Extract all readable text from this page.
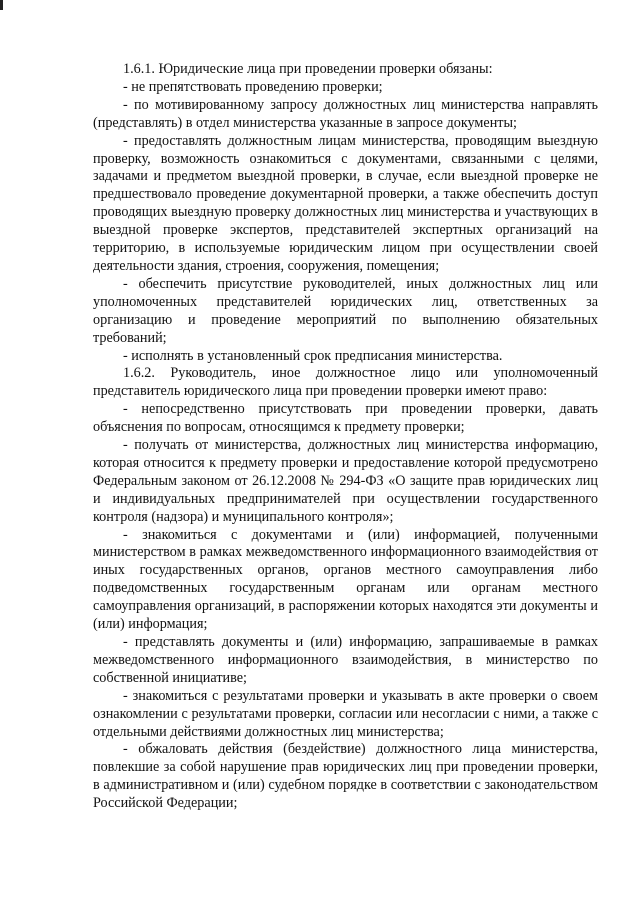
1.6.1. Юридические лица при проведении проверки обязаны:

- не препятствовать проведению проверки;

- по мотивированному запросу должностных лиц министерства направлять (представлять) в отдел министерства указанные в запросе документы;

- предоставлять должностным лицам министерства, проводящим выездную проверку, возможность ознакомиться с документами, связанными с целями, задачами и предметом выездной проверки, в случае, если выездной проверке не предшествовало проведение документарной проверки, а также обеспечить доступ проводящих выездную проверку должностных лиц министерства и участвующих в выездной проверке экспертов, представителей экспертных организаций на территорию, в используемые юридическим лицом при осуществлении своей деятельности здания, строения, сооружения, помещения;

- обеспечить присутствие руководителей, иных должностных лиц или уполномоченных представителей юридических лиц, ответственных за организацию и проведение мероприятий по выполнению обязательных требований;

- исполнять в установленный срок предписания министерства.

1.6.2. Руководитель, иное должностное лицо или уполномоченный представитель юридического лица при проведении проверки имеют право:

- непосредственно присутствовать при проведении проверки, давать объяснения по вопросам, относящимся к предмету проверки;

- получать от министерства, должностных лиц министерства информацию, которая относится к предмету проверки и предоставление которой предусмотрено Федеральным законом от 26.12.2008 № 294-ФЗ «О защите прав юридических лиц и индивидуальных предпринимателей при осуществлении государственного контроля (надзора) и муниципального контроля»;

- знакомиться с документами и (или) информацией, полученными министерством в рамках межведомственного информационного взаимодействия от иных государственных органов, органов местного самоуправления либо подведомственных государственным органам или органам местного самоуправления организаций, в распоряжении которых находятся эти документы и (или) информация;

- представлять документы и (или) информацию, запрашиваемые в рамках межведомственного информационного взаимодействия, в министерство по собственной инициативе;

- знакомиться с результатами проверки и указывать в акте проверки о своем ознакомлении с результатами проверки, согласии или несогласии с ними, а также с отдельными действиями должностных лиц министерства;

- обжаловать действия (бездействие) должностного лица министерства, повлекшие за собой нарушение прав юридических лиц при проведении проверки, в административном и (или) судебном порядке в соответствии с законодательством Российской Федерации;
